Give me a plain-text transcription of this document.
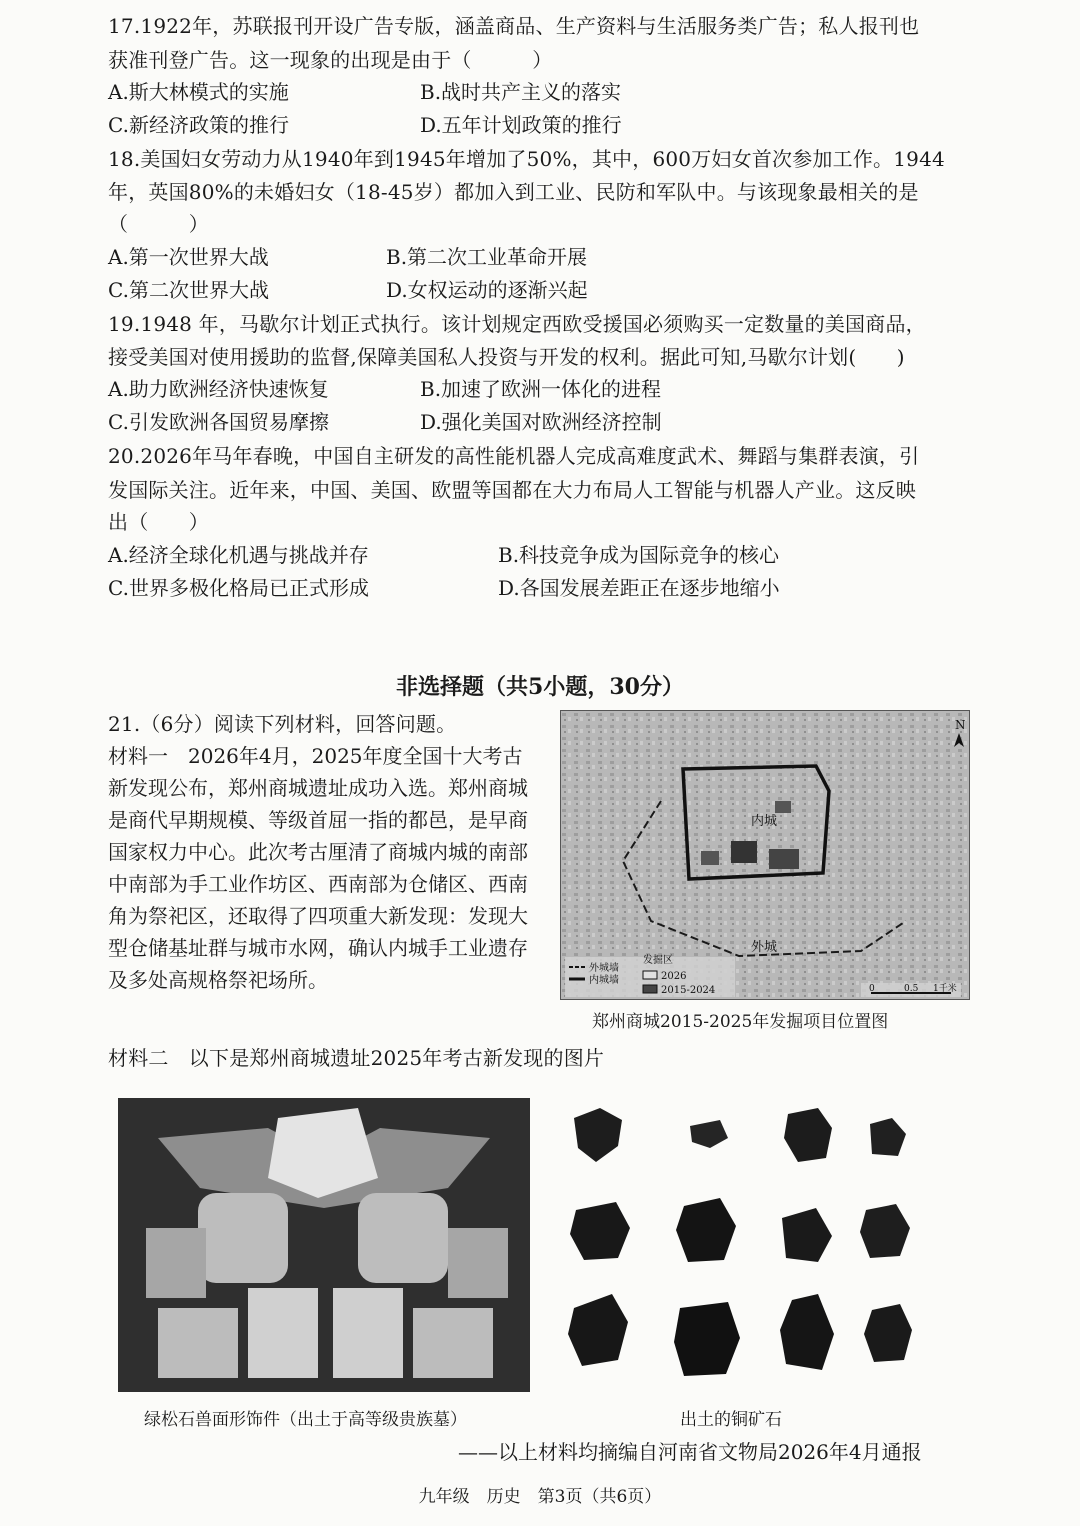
17.1922年，苏联报刊开设广告专版，涵盖商品、生产资料与生活服务类广告；私人报刊也
获准刊登广告。这一现象的出现是由于（　　　）
A.斯大林模式的实施	B.战时共产主义的落实
C.新经济政策的推行	D.五年计划政策的推行
18.美国妇女劳动力从1940年到1945年增加了50%，其中，600万妇女首次参加工作。1944
年，英国80%的未婚妇女（18-45岁）都加入到工业、民防和军队中。与该现象最相关的是
（　　　）
A.第一次世界大战	B.第二次工业革命开展
C.第二次世界大战	D.女权运动的逐渐兴起
19.1948 年，马歇尔计划正式执行。该计划规定西欧受援国必须购买一定数量的美国商品，
接受美国对使用援助的监督,保障美国私人投资与开发的权利。据此可知,马歇尔计划(　　)
A.助力欧洲经济快速恢复	B.加速了欧洲一体化的进程
C.引发欧洲各国贸易摩擦	D.强化美国对欧洲经济控制
20.2026年马年春晚，中国自主研发的高性能机器人完成高难度武术、舞蹈与集群表演，引
发国际关注。近年来，中国、美国、欧盟等国都在大力布局人工智能与机器人产业。这反映
出（　　）
A.经济全球化机遇与挑战并存	B.科技竞争成为国际竞争的核心
C.世界多极化格局已正式形成	D.各国发展差距正在逐步地缩小
非选择题（共5小题，30分）
21.（6分）阅读下列材料，回答问题。
材料一　2026年4月，2025年度全国十大考古新发现公布，郑州商城遗址成功入选。郑州商城是商代早期规模、等级首屈一指的都邑，是早商国家权力中心。此次考古厘清了商城内城的南部中南部为手工业作坊区、西南部为仓储区、西南角为祭祀区，还取得了四项重大新发现：发现大型仓储基址群与城市水网，确认内城手工业遗存及多处高规格祭祀场所。
内城
外城
N
外城墙
内城墙
发掘区
2026
2015-2024	0	0.5 1千米
郑州商城2015-2025年发掘项目位置图
材料二　以下是郑州商城遗址2025年考古新发现的图片
绿松石兽面形饰件（出土于高等级贵族墓）	出土的铜矿石
——以上材料均摘编自河南省文物局2026年4月通报
九年级　历史　第3页（共6页）
